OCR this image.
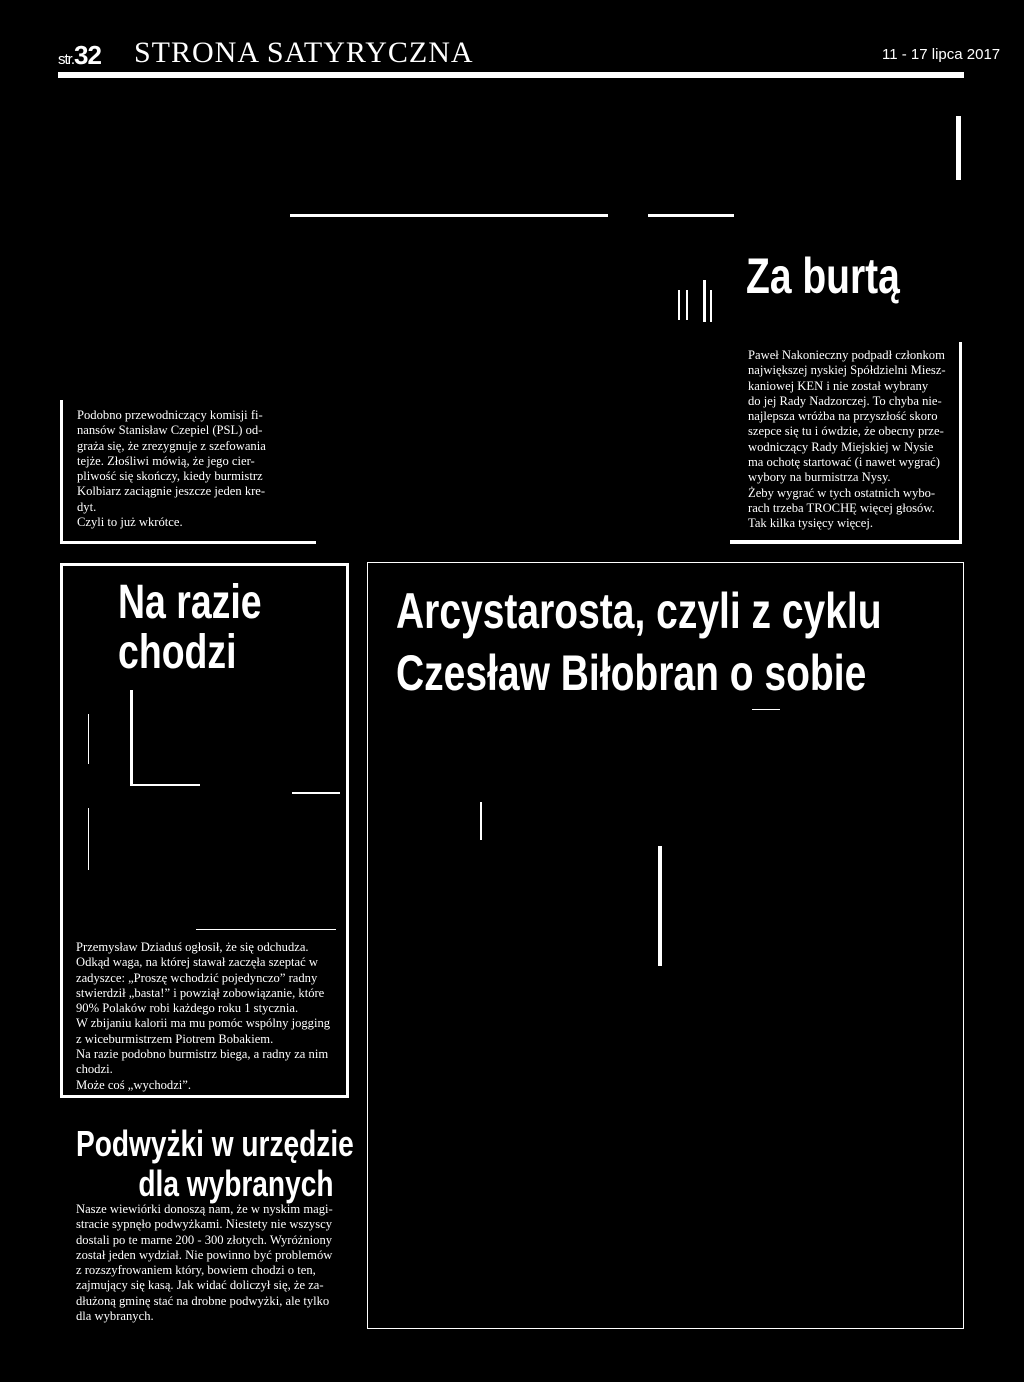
str.32 STRONA SATYRYCZNA	11 - 17 lipca 2017
Podobno przewodniczący komisji fi-
nansów Stanisław Czepiel (PSL) od-
graża się, że zrezygnuje z szefowania
tejże. Złośliwi mówią, że jego cier-
pliwość się skończy, kiedy burmistrz
Kolbiarz zaciągnie jeszcze jeden kre-
dyt.
Czyli to już wkrótce.
Za burtą
Paweł Nakonieczny podpadł członkom
największej nyskiej Spółdzielni Miesz-
kaniowej KEN i nie został wybrany
do jej Rady Nadzorczej. To chyba nie-
najlepsza wróżba na przyszłość skoro
szepce się tu i ówdzie, że obecny prze-
wodniczący Rady Miejskiej w Nysie
ma ochotę startować (i nawet wygrać)
wybory na burmistrza Nysy.
Żeby wygrać w tych ostatnich wybo-
rach trzeba TROCHĘ więcej głosów.
Tak kilka tysięcy więcej.
Na razie
chodzi
Przemysław Dziaduś ogłosił, że się odchudza.
Odkąd waga, na której stawał zaczęła szeptać w
zadyszce: „Proszę wchodzić pojedynczo” radny
stwierdził „basta!” i powziął zobowiązanie, które
90% Polaków robi każdego roku 1 stycznia.
W zbijaniu kalorii ma mu pomóc wspólny jogging
z wiceburmistrzem Piotrem Bobakiem.
Na razie podobno burmistrz biega, a radny za nim
chodzi.
Może coś „wychodzi”.
Arcystarosta, czyli z cyklu
Czesław Biłobran o sobie
Podwyżki w urzędzie
dla wybranych
Nasze wiewiórki donoszą nam, że w nyskim magi-
stracie sypnęło podwyżkami. Niestety nie wszyscy
dostali po te marne 200 - 300 złotych. Wyróżniony
został jeden wydział. Nie powinno być problemów
z rozszyfrowaniem który, bowiem chodzi o ten,
zajmujący się kasą. Jak widać doliczył się, że za-
dłużoną gminę stać na drobne podwyżki, ale tylko
dla wybranych.
